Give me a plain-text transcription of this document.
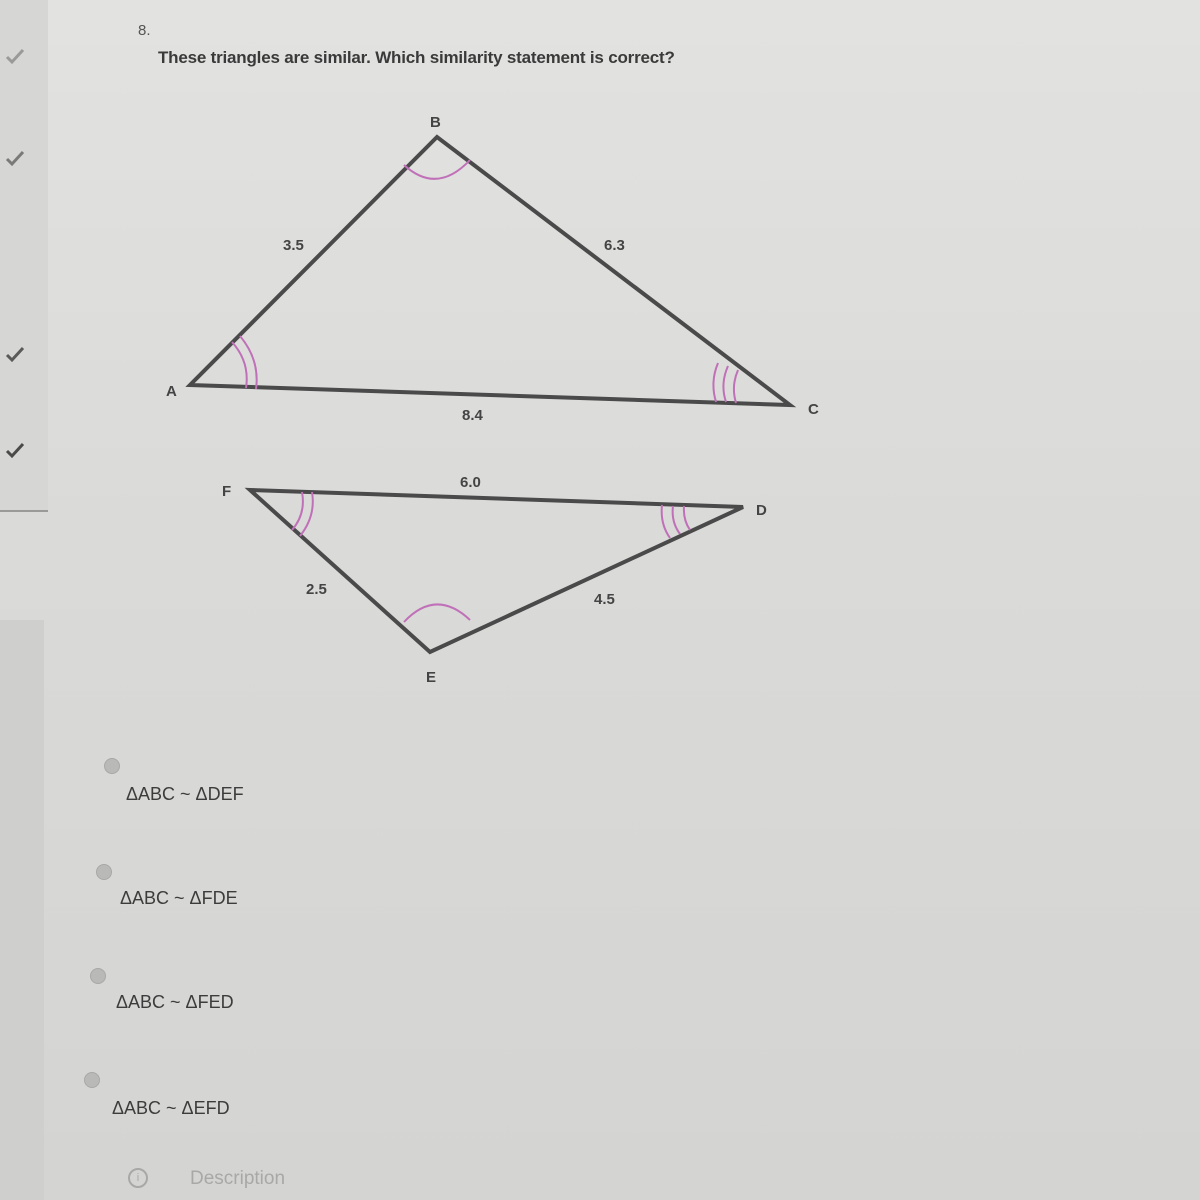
8.
These triangles are similar. Which similarity statement is correct?
B
A
C
3.5	6.3
8.4
F
D
E
6.0
2.5
4.5
ΔABC ~ ΔDEF
ΔABC ~ ΔFDE
ΔABC ~ ΔFED
ΔABC ~ ΔEFD
i	Description
